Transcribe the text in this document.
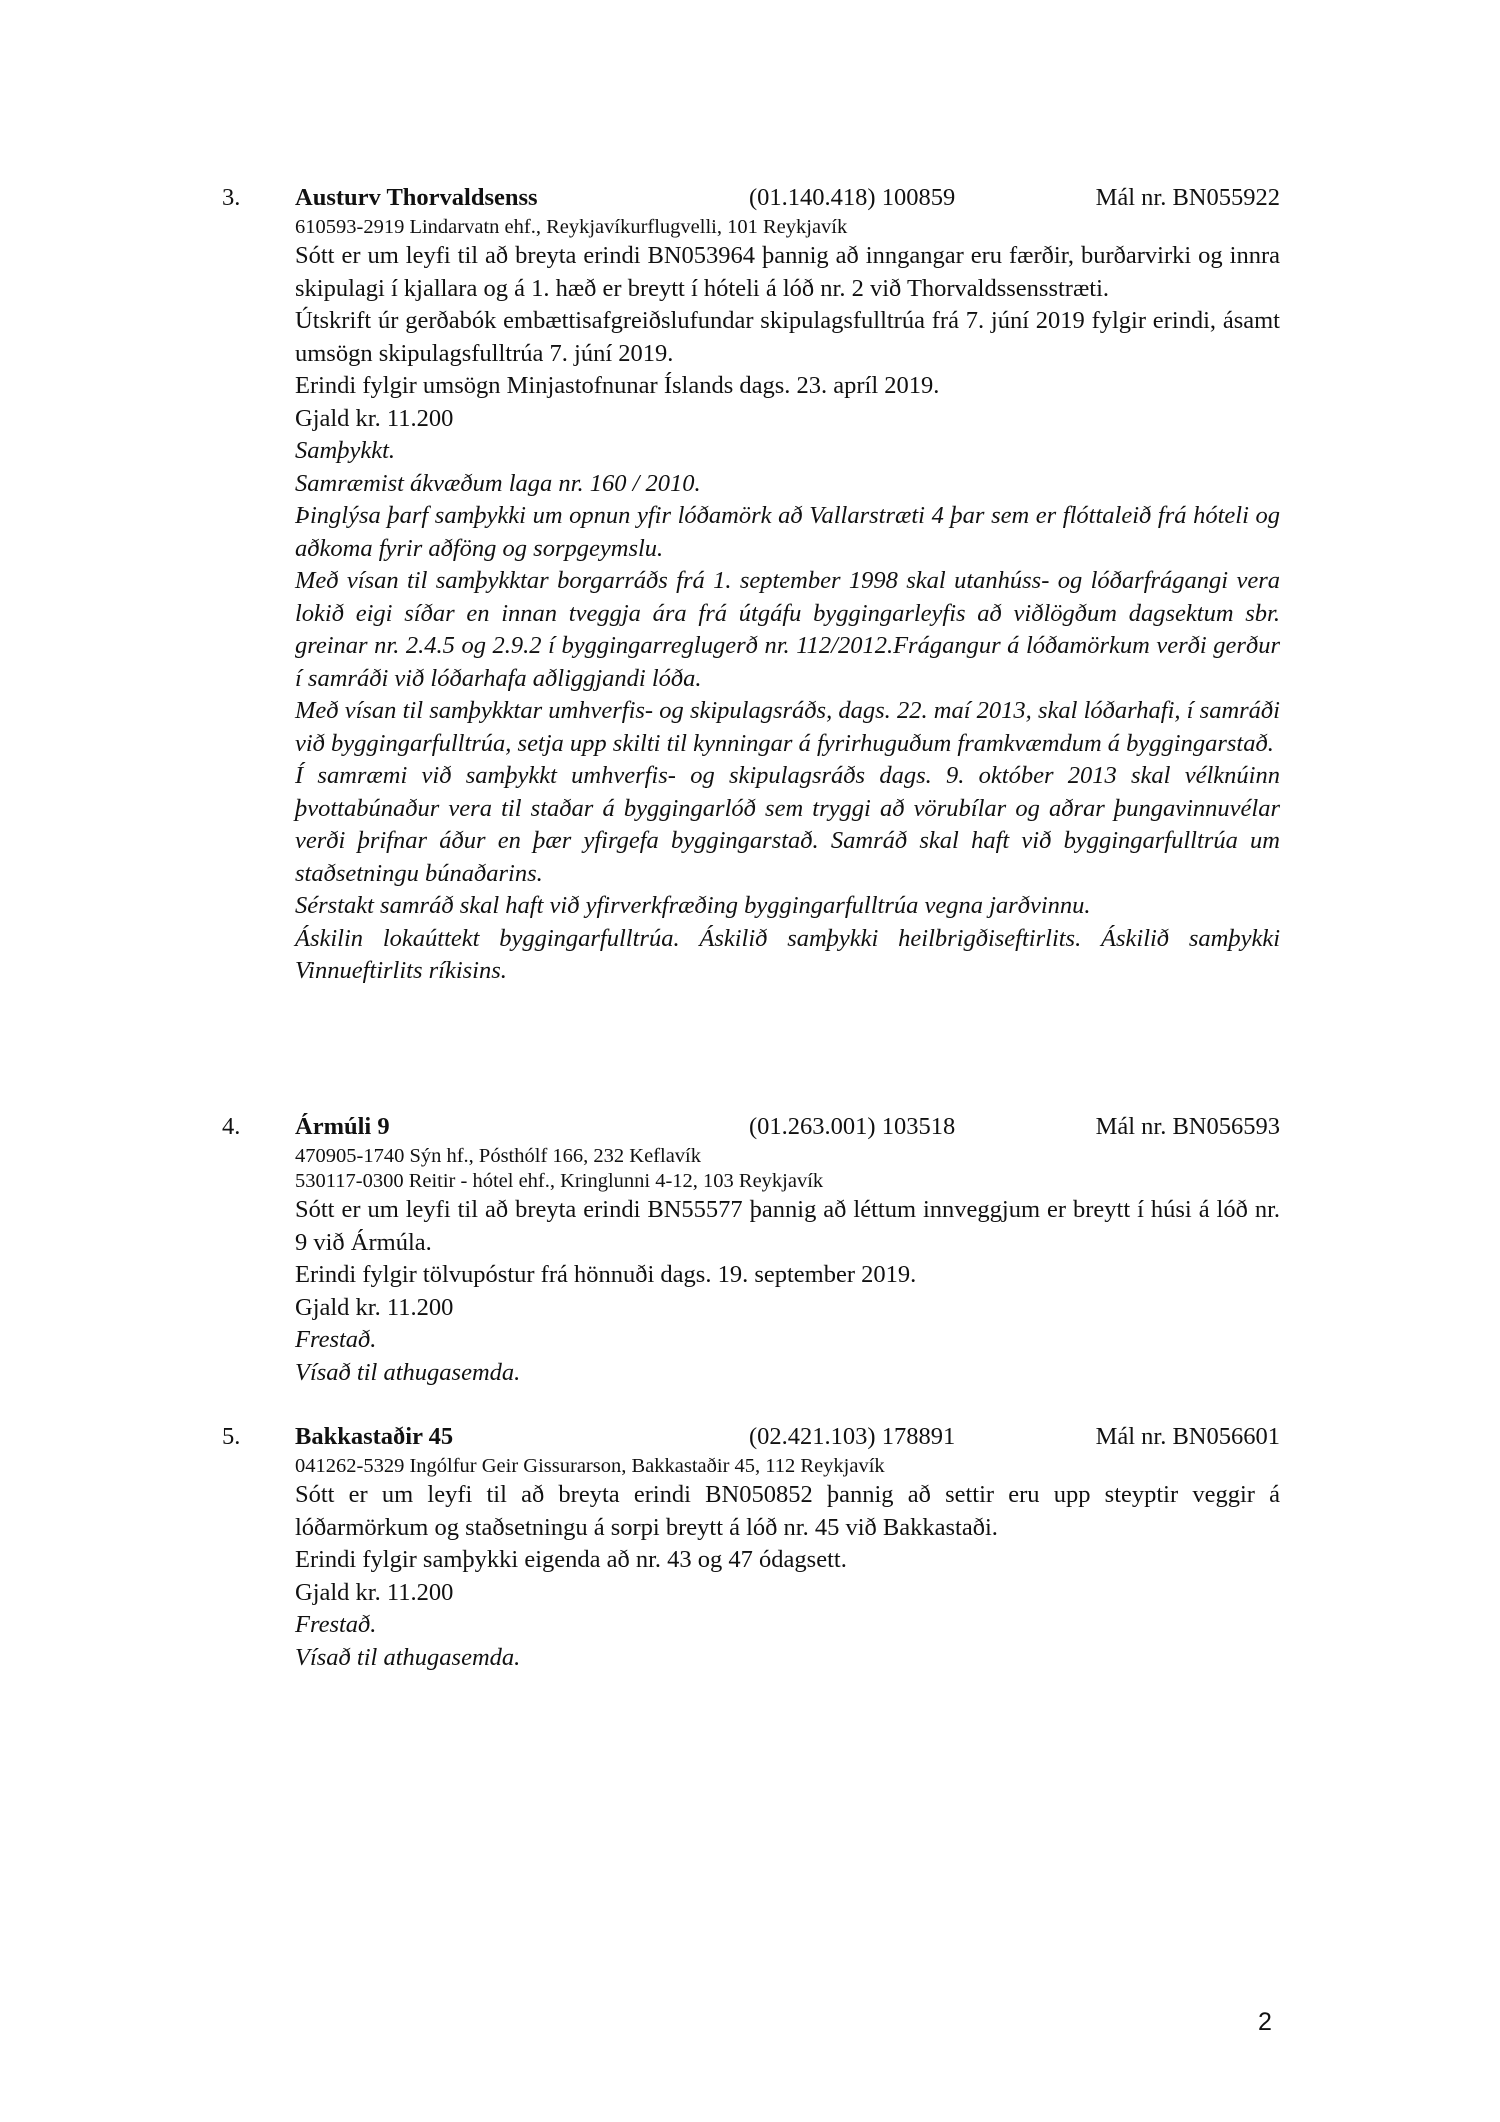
3. Austurv Thorvaldsenss	(01.140.418) 100859	Mál nr. BN055922
610593-2919 Lindarvatn ehf., Reykjavíkurflugvelli, 101 Reykjavík
Sótt er um leyfi til að breyta erindi BN053964 þannig að inngangar eru færðir, burðarvirki og innra skipulagi í kjallara og á 1. hæð er breytt í hóteli á lóð nr. 2 við Thorvaldssensstræti.
Útskrift úr gerðabók embættisafgreiðslufundar skipulagsfulltrúa frá 7. júní 2019 fylgir erindi, ásamt umsögn skipulagsfulltrúa 7. júní 2019.
Erindi fylgir umsögn Minjastofnunar Íslands dags. 23. apríl 2019.
Gjald kr. 11.200
Samþykkt.
Samræmist ákvæðum laga nr. 160 / 2010.
Þinglýsa þarf samþykki um opnun yfir lóðamörk að Vallarstræti 4 þar sem er flóttaleið frá hóteli og aðkoma fyrir aðföng og sorpgeymslu.
Með vísan til samþykktar borgarráðs frá 1. september 1998 skal utanhúss- og lóðarfrágangi vera lokið eigi síðar en innan tveggja ára frá útgáfu byggingarleyfis að viðlögðum dagsektum sbr. greinar nr. 2.4.5 og 2.9.2 í byggingarreglugerð nr. 112/2012.Frágangur á lóðamörkum verði gerður í samráði við lóðarhafa aðliggjandi lóða.
Með vísan til samþykktar umhverfis- og skipulagsráðs, dags. 22. maí 2013, skal lóðarhafi, í samráði við byggingarfulltrúa, setja upp skilti til kynningar á fyrirhuguðum framkvæmdum á byggingarstað.
Í samræmi við samþykkt umhverfis- og skipulagsráðs dags. 9. október 2013 skal vélknúinn þvottabúnaður vera til staðar á byggingarlóð sem tryggi að vörubílar og aðrar þungavinnuvélar verði þrifnar áður en þær yfirgefa byggingarstað. Samráð skal haft við byggingarfulltrúa um staðsetningu búnaðarins.
Sérstakt samráð skal haft við yfirverkfræðing byggingarfulltrúa vegna jarðvinnu.
Áskilin lokaúttekt byggingarfulltrúa. Áskilið samþykki heilbrigðiseftirlits. Áskilið samþykki Vinnueftirlits ríkisins.
4. Ármúli 9	(01.263.001) 103518	Mál nr. BN056593
470905-1740 Sýn hf., Pósthólf 166, 232 Keflavík
530117-0300 Reitir - hótel ehf., Kringlunni 4-12, 103 Reykjavík
Sótt er um leyfi til að breyta erindi BN55577 þannig að léttum innveggjum er breytt í húsi á lóð nr. 9 við Ármúla.
Erindi fylgir tölvupóstur frá hönnuði dags. 19. september 2019.
Gjald kr. 11.200
Frestað.
Vísað til athugasemda.
5. Bakkastaðir 45	(02.421.103) 178891	Mál nr. BN056601
041262-5329 Ingólfur Geir Gissurarson, Bakkastaðir 45, 112 Reykjavík
Sótt er um leyfi til að breyta erindi BN050852 þannig að settir eru upp steyptir veggir á lóðarmörkum og staðsetningu á sorpi breytt á lóð nr. 45 við Bakkastaði.
Erindi fylgir samþykki eigenda að nr. 43 og 47 ódagsett.
Gjald kr. 11.200
Frestað.
Vísað til athugasemda.
2
